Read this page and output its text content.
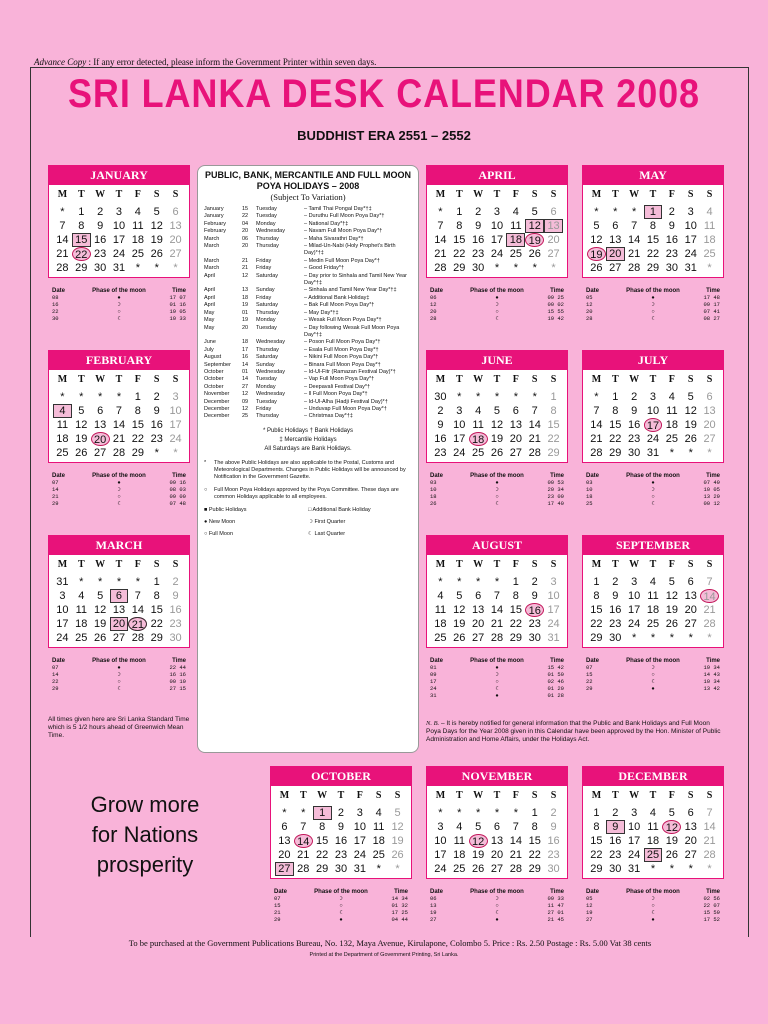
Advance Copy : If any error detected, please inform the Government Printer within seven days.
SRI LANKA DESK CALENDAR 2008
BUDDHIST ERA 2551 – 2552
JANUARY
M	T	W	T	F	S	S
*	1	2	3	4	5	6
7	8	9 10 11 12 13
14 15 16 17 18 19 20
21 22 23 24 25 26 27
28 29 30 31 *	*	*
Date	Phase of the moon	Time
08	●	17 07
16	☽	01 16
22	○	19 05
30	☾	10 33
FEBRUARY
M	T	W	T	F	S	S
*	*	*	*	1	2	3
4	5	6	7	8	9 10
11 12 13 14 15 16 17
18 19 20 21 22 23 24
25 26 27 28 29 *	*
Date	Phase of the moon	Time
07	●	09 16
14	☽	08 03
21	○	09 00
29	☾	07 48
MARCH
M	T	W	T	F	S	S
31 *	*	*	*	1	2
3	4	5	6	7	8	9
10 11 12 13 14 15 16
17 18 19 20 21 22 23
24 25 26 27 28 29 30
Date	Phase of the moon	Time
07	●	22 44
14	☽	16 16
22	○	00 10
29	☾	27 15
APRIL
M	T	W	T	F	S	S
*	1	2	3	4	5	6
7	8	9 10 11 12 13
14 15 16 17 18 19 20
21 22 23 24 25 26 27
28 29 30 *	*	*	*
Date	Phase of the moon	Time
06	●	09 25
12	☽	00 02
20	○	15 55
28	☾	19 42
MAY
M	T	W	T	F	S	S
*	*	*	1	2	3	4
5	6	7	8	9 10 11
12 13 14 15 16 17 18
19 20 21 22 23 24 25
26 27 28 29 30 31 *
Date	Phase of the moon	Time
05	●	17 48
12	☽	09 17
20	○	07 41
28	☾	08 27
JUNE
M	T	W	T	F	S	S
30 *	*	*	*	*	1
2	3	4	5	6	7	8
9 10 11 12 13 14 15
16 17 18 19 20 21 22
23 24 25 26 27 28 29
Date	Phase of the moon	Time
03	●	00 53
10	☽	20 34
18	○	23 00
26	☾	17 40
JULY
M	T	W	T	F	S	S
*	1	2	3	4	5	6
7	8	9 10 11 12 13
14 15 16 17 18 19 20
21 22 23 24 25 26 27
28 29 30 31 *	*	*
Date	Phase of the moon	Time
03	●	07 49
10	☽	10 05
18	○	13 29
25	☾	00 12
AUGUST
M	T	W	T	F	S	S
*	*	*	*	1	2	3
4	5	6	7	8	9 10
11 12 13 14 15 16 17
18 19 20 21 22 23 24
25 26 27 28 29 30 31
Date	Phase of the moon	Time
01	●	15 42
09	☽	01 50
17	○	02 46
24	☾	01 20
31	●	01 28
SEPTEMBER
M	T	W	T	F	S	S
1	2	3	4	5	6	7
8	9 10 11 12 13 14
15 16 17 18 19 20 21
22 23 24 25 26 27 28
29 30 *	*	*	*	*
Date	Phase of the moon	Time
07	☽	19 34
15	○	14 43
22	☾	10 34
29	●	13 42
OCTOBER
M	T	W	T	F	S	S
*	*	1	2	3	4	5
6	7	8	9 10 11 12
13 14 15 16 17 18 19
20 21 22 23 24 25 26
27 28 29 30 31 *	*
Date	Phase of the moon	Time
07	☽	14 34
15	○	01 32
21	☾	17 25
29	●	04 44
NOVEMBER
M	T	W	T	F	S	S
*	*	*	*	*	1	2
3	4	5	6	7	8	9
10 11 12 13 14 15 16
17 18 19 20 21 22 23
24 25 26 27 28 29 30
Date	Phase of the moon	Time
06	☽	09 33
13	○	11 47
19	☾	27 01
27	●	21 45
DECEMBER
M	T	W	T	F	S	S
1	2	3	4	5	6	7
8	9 10 11 12 13 14
15 16 17 18 19 20 21
22 23 24 25 26 27 28
29 30 31 *	*	*	*
Date	Phase of the moon	Time
05	☽	02 56
12	○	22 07
19	☾	15 59
27	●	17 52
PUBLIC, BANK, MERCANTILE AND FULL MOON POYA HOLIDAYS – 2008
(Subject To Variation)
January	15	Tuesday	– Tamil Thai Pongal Day*†‡
January	22	Tuesday	– Duruthu Full Moon Poya Day*†
February	04	Monday	– National Day*†‡
February	20	Wednesday	– Navam Full Moon Poya Day*†
March	06	Thursday	– Maha Sivarathri Day*†
March	20	Thursday	– Milad-Un-Nabi (Holy Prophet's Birth Day)*†‡
March	21	Friday	– Medin Full Moon Poya Day*†
March	21	Friday	– Good Friday*†
April	12	Saturday	– Day prior to Sinhala and Tamil New Year Day*†‡
April	13	Sunday	– Sinhala and Tamil New Year Day*†‡
April	18	Friday	– Additional Bank Holiday‡
April	19	Saturday	– Bak Full Moon Poya Day*†
May	01	Thursday	– May Day*†‡
May	19	Monday	– Wesak Full Moon Poya Day*†
May	20	Tuesday	– Day following Wesak Full Moon Poya Day*†‡
June	18	Wednesday	– Poson Full Moon Poya Day*†
July	17	Thursday	– Esala Full Moon Poya Day*†
August	16	Saturday	– Nikini Full Moon Poya Day*†
September	14	Sunday	– Binara Full Moon Poya Day*†
October	01	Wednesday	– Id-Ul-Fitr (Ramazan Festival Day)*†
October	14	Tuesday	– Vap Full Moon Poya Day*†
October	27	Monday	– Deepavali Festival Day*†
November	12	Wednesday	– Il Full Moon Poya Day*†
December	09	Tuesday	– Id-Ul-Alha (Hadji Festival Day)*†
December	12	Friday	– Unduvap Full Moon Poya Day*†
December	25	Thursday	– Christmas Day*†‡
* Public Holidays † Bank Holidays
‡ Mercantile Holidays
All Saturdays are Bank Holidays.
*	The above Public Holidays are also applicable to the Postal, Customs and Meteorological Departments. Changes in Public Holidays will be announced by Notification in the Government Gazette.
○	Full Moon Poya Holidays approved by the Poya Committee. These days are common Holidays applicable to all employees.
■ Public Holidays	□ Additional Bank Holiday
● New Moon	☽ First Quarter
○ Full Moon	☾ Last Quarter
All times given here are Sri Lanka Standard Time which is 5 1/2 hours ahead of Greenwich Mean Time.
N. B. – It is hereby notified for general information that the Public and Bank Holidays and Full Moon Poya Days for the Year 2008 given in this Calendar have been approved by the Hon. Minister of Public Administration and Home Affairs, under the Holidays Act.
Grow more
for Nations
prosperity
To be purchased at the Government Publications Bureau, No. 132, Maya Avenue, Kirulapone, Colombo 5. Price : Rs. 2.50 Postage : Rs. 5.00 Vat 38 cents
Printed at the Department of Government Printing, Sri Lanka.
